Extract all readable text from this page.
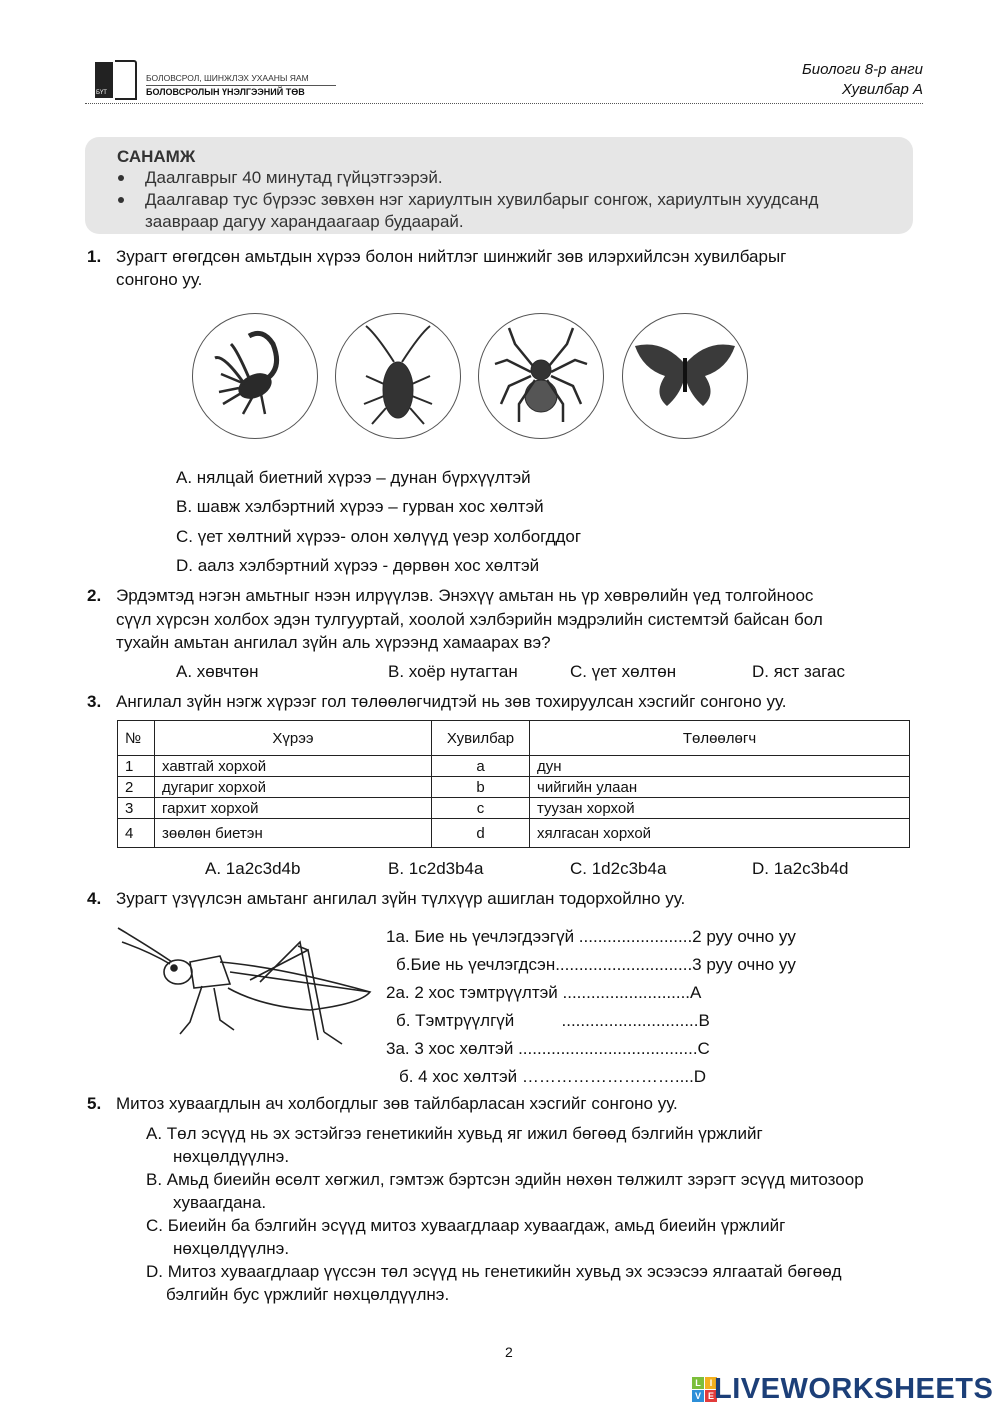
БҮТ
БОЛОВСРОЛ, ШИНЖЛЭХ УХААНЫ ЯАМ
БОЛОВСРОЛЫН ҮНЭЛГЭЭНИЙ ТӨВ
Биологи 8-р анги
Хувилбар А
САНАМЖ
Даалгаврыг 40 минутад гүйцэтгээрэй.
Даалгавар тус бүрээс зөвхөн нэг хариултын хувилбарыг сонгож, хариултын хуудсанд
заавраар дагуу харандаагаар будаарай.
1. Зурагт өгөгдсөн амьтдын хүрээ болон нийтлэг шинжийг зөв илэрхийлсэн хувилбарыг
сонгоно уу.
A. нялцай биетний хүрээ – дунан бүрхүүлтэй
B. шавж хэлбэртний хүрээ – гурван хос хөлтэй
C. үет хөлтний хүрээ- олон хөлүүд үеэр холбогддог
D. аалз хэлбэртний хүрээ - дөрвөн хос хөлтэй
2. Эрдэмтэд нэгэн амьтныг нээн илрүүлэв. Энэхүү амьтан нь үр хөврөлийн үед толгойноос
сүүл хүрсэн холбох эдэн тулгууртай, хоолой хэлбэрийн мэдрэлийн системтэй байсан бол
тухайн амьтан ангилал зүйн аль хүрээнд хамаарах вэ?
A. хөвчтөн	B. хоёр нутагтан	C. үет хөлтөн	D. яст загас
3. Ангилал зүйн нэгж хүрээг гол төлөөлөгчидтэй нь зөв тохируулсан хэсгийг сонгоно уу.
№	Хүрээ	Хувилбар	Төлөөлөгч
1	хавтгай хорхой	a	дун
2	дугариг хорхой	b	чийгийн улаан
3	гархит хорхой	c	туузан хорхой
4	зөөлөн биетэн	d	хялгасан хорхой
A. 1a2c3d4b	B. 1c2d3b4a	C. 1d2c3b4a	D. 1a2c3b4d
4. Зурагт үзүүлсэн амьтанг ангилал зүйн түлхүүр ашиглан тодорхойлно уу.
1a. Бие нь үечлэгдээгүй ........................2 руу очно уу
б.Бие нь үечлэгдсэн.............................3 руу очно уу
2a. 2 хос тэмтрүүлтэй ...........................A
б. Тэмтрүүлгүй          .............................B
3a. 3 хос хөлтэй ......................................C
б. 4 хос хөлтэй ………………………....D
5. Митоз хуваагдлын ач холбогдлыг зөв тайлбарласан хэсгийг сонгоно уу.
A. Төл эсүүд нь эх эстэйгээ генетикийн хувьд яг ижил бөгөөд бэлгийн үржлийг
нөхцөлдүүлнэ.
B. Амьд биеийн өсөлт хөгжил, гэмтэж бэртсэн эдийн нөхөн төлжилт зэрэгт эсүүд митозоор
хуваагдана.
C. Биеийн ба бэлгийн эсүүд митоз хуваагдлаар хуваагдаж, амьд биеийн үржлийг
нөхцөлдүүлнэ.
D. Митоз хуваагдлаар үүссэн төл эсүүд нь генетикийн хувьд эх эсээсээ ялгаатай бөгөөд
бэлгийн бус үржлийг нөхцөлдүүлнэ.
2
L I
V E LIVEWORKSHEETS
